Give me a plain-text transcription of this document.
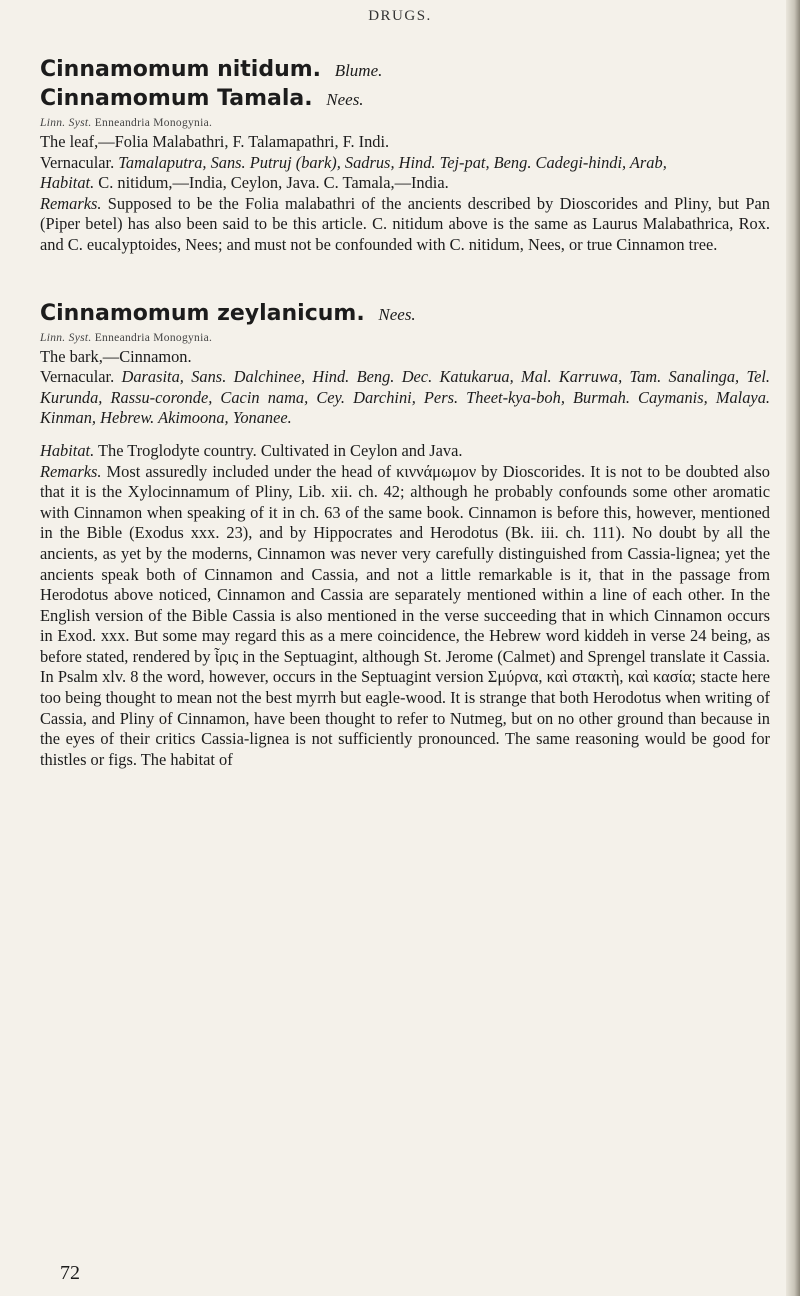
DRUGS.
Cinnamomum nitidum. Blume.
Cinnamomum Tamala. Nees.

Linn. Syst. Enneandria Monogynia.

The leaf,—Folia Malabathri, F. Talamapathri, F. Indi.

Vernacular. Tamalaputra, Sans. Putruj (bark), Sadrus, Hind. Tej-pat, Beng. Cadegi-hindi, Arab,

Habitat. C. nitidum,—India, Ceylon, Java. C. Tamala,—India.

Remarks. Supposed to be the Folia malabathri of the ancients described by Dioscorides and Pliny, but Pan (Piper betel) has also been said to be this article. C. nitidum above is the same as Laurus Malabathrica, Rox. and C. eucalyptoides, Nees; and must not be confounded with C. nitidum, Nees, or true Cinnamon tree.

Cinnamomum zeylanicum. Nees.

Linn. Syst. Enneandria Monogynia.

The bark,—Cinnamon.

Vernacular. Darasita, Sans. Dalchinee, Hind. Beng. Dec. Katukarua, Mal. Karruwa, Tam. Sanalinga, Tel. Kurunda, Rassu-coronde, Cacin nama, Cey. Darchini, Pers. Theet-kya-boh, Burmah. Caymanis, Malaya. Kinman, Hebrew. Akimoona, Yonanee.

Habitat. The Troglodyte country. Cultivated in Ceylon and Java.

Remarks. Most assuredly included under the head of κιννάμωμον by Dioscorides. It is not to be doubted also that it is the Xylocinnamum of Pliny, Lib. xii. ch. 42; although he probably confounds some other aromatic with Cinnamon when speaking of it in ch. 63 of the same book. Cinnamon is before this, however, mentioned in the Bible (Exodus xxx. 23), and by Hippocrates and Herodotus (Bk. iii. ch. 111). No doubt by all the ancients, as yet by the moderns, Cinnamon was never very carefully distinguished from Cassia-lignea; yet the ancients speak both of Cinnamon and Cassia, and not a little remarkable is it, that in the passage from Herodotus above noticed, Cinnamon and Cassia are separately mentioned within a line of each other. In the English version of the Bible Cassia is also mentioned in the verse succeeding that in which Cinnamon occurs in Exod. xxx. But some may regard this as a mere coincidence, the Hebrew word kiddeh in verse 24 being, as before stated, rendered by ἶρις in the Septuagint, although St. Jerome (Calmet) and Sprengel translate it Cassia. In Psalm xlv. 8 the word, however, occurs in the Septuagint version Σμύρνα, καὶ στακτὴ, καὶ κασία; stacte here too being thought to mean not the best myrrh but eagle-wood. It is strange that both Herodotus when writing of Cassia, and Pliny of Cinnamon, have been thought to refer to Nutmeg, but on no other ground than because in the eyes of their critics Cassia-lignea is not sufficiently pronounced. The same reasoning would be good for thistles or figs. The habitat of

72
